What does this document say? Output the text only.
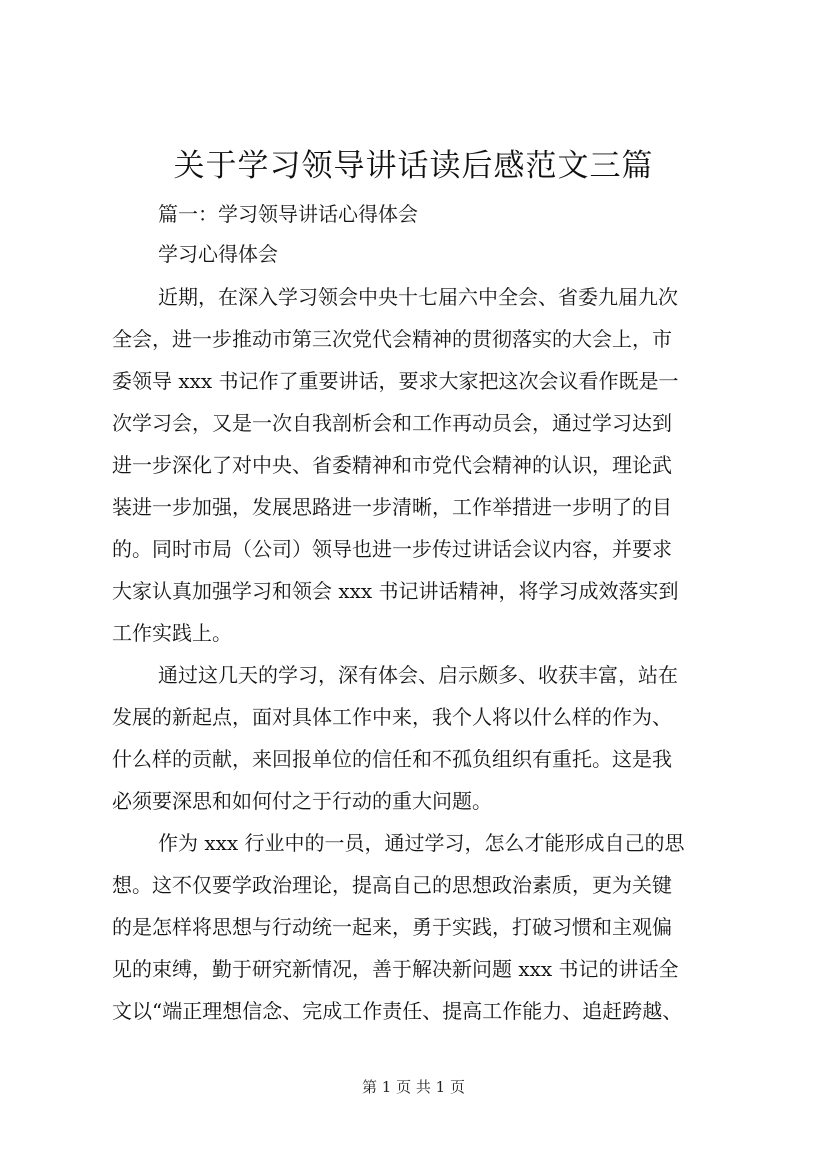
关于学习领导讲话读后感范文三篇
篇一：学习领导讲话心得体会
学习心得体会
近期，在深入学习领会中央十七届六中全会、省委九届九次
全会，进一步推动市第三次党代会精神的贯彻落实的大会上，市
委领导 xxx 书记作了重要讲话，要求大家把这次会议看作既是一
次学习会，又是一次自我剖析会和工作再动员会，通过学习达到
进一步深化了对中央、省委精神和市党代会精神的认识，理论武
装进一步加强，发展思路进一步清晰，工作举措进一步明了的目
的。同时市局（公司）领导也进一步传过讲话会议内容，并要求
大家认真加强学习和领会 xxx 书记讲话精神，将学习成效落实到
工作实践上。
通过这几天的学习，深有体会、启示颇多、收获丰富，站在
发展的新起点，面对具体工作中来，我个人将以什么样的作为、
什么样的贡献，来回报单位的信任和不孤负组织有重托。这是我
必须要深思和如何付之于行动的重大问题。
作为 xxx 行业中的一员，通过学习，怎么才能形成自己的思
想。这不仅要学政治理论，提高自己的思想政治素质，更为关键
的是怎样将思想与行动统一起来，勇于实践，打破习惯和主观偏
见的束缚，勤于研究新情况，善于解决新问题 xxx 书记的讲话全
文以“端正理想信念、完成工作责任、提高工作能力、追赶跨越、
第 1 页 共 1 页
